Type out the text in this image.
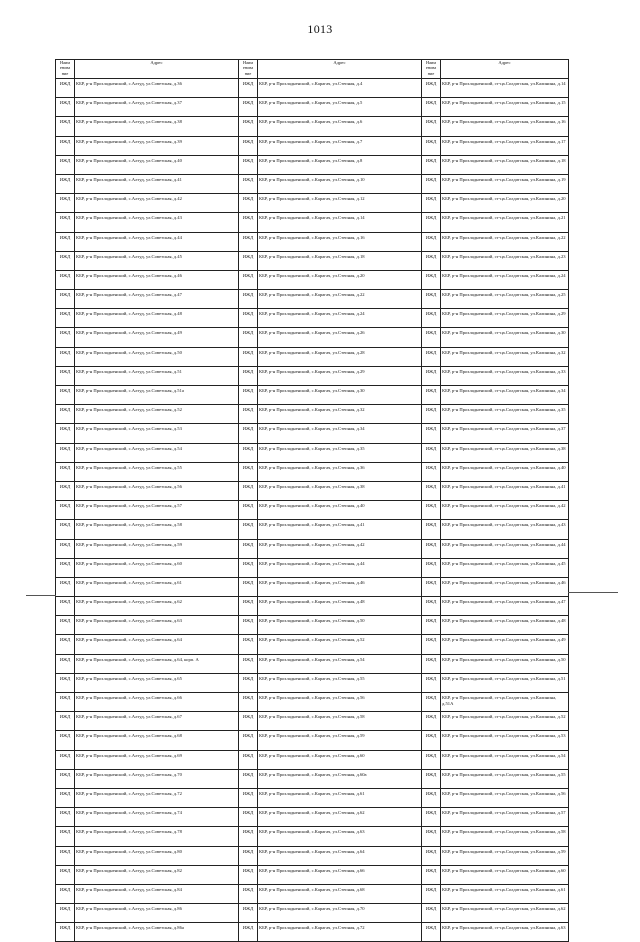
1013
Наим енова ние	Адрес	Наим енова ние	Адрес	Наим енова ние	Адрес
ИЖД	КБР, р-н Прохладненский, с.Алтуд, ул.Советская, д.36	ИЖД	КБР, р-н Прохладненский, с.Карагач, ул.Степная, д.4	ИЖД	КБР, р-н Прохладненский, ст-ца.Солдатская, ул.Калинина, д.14
ИЖД	КБР, р-н Прохладненский, с.Алтуд, ул.Советская, д.37	ИЖД	КБР, р-н Прохладненский, с.Карагач, ул.Степная, д.5	ИЖД	КБР, р-н Прохладненский, ст-ца.Солдатская, ул.Калинина, д.15
ИЖД	КБР, р-н Прохладненский, с.Алтуд, ул.Советская, д.38	ИЖД	КБР, р-н Прохладненский, с.Карагач, ул.Степная, д.6	ИЖД	КБР, р-н Прохладненский, ст-ца.Солдатская, ул.Калинина, д.16
ИЖД	КБР, р-н Прохладненский, с.Алтуд, ул.Советская, д.39	ИЖД	КБР, р-н Прохладненский, с.Карагач, ул.Степная, д.7	ИЖД	КБР, р-н Прохладненский, ст-ца.Солдатская, ул.Калинина, д.17
ИЖД	КБР, р-н Прохладненский, с.Алтуд, ул.Советская, д.40	ИЖД	КБР, р-н Прохладненский, с.Карагач, ул.Степная, д.8	ИЖД	КБР, р-н Прохладненский, ст-ца.Солдатская, ул.Калинина, д.18
ИЖД	КБР, р-н Прохладненский, с.Алтуд, ул.Советская, д.41	ИЖД	КБР, р-н Прохладненский, с.Карагач, ул.Степная, д.10	ИЖД	КБР, р-н Прохладненский, ст-ца.Солдатская, ул.Калинина, д.19
ИЖД	КБР, р-н Прохладненский, с.Алтуд, ул.Советская, д.42	ИЖД	КБР, р-н Прохладненский, с.Карагач, ул.Степная, д.12	ИЖД	КБР, р-н Прохладненский, ст-ца.Солдатская, ул.Калинина, д.20
ИЖД	КБР, р-н Прохладненский, с.Алтуд, ул.Советская, д.43	ИЖД	КБР, р-н Прохладненский, с.Карагач, ул.Степная, д.14	ИЖД	КБР, р-н Прохладненский, ст-ца.Солдатская, ул.Калинина, д.21
ИЖД	КБР, р-н Прохладненский, с.Алтуд, ул.Советская, д.44	ИЖД	КБР, р-н Прохладненский, с.Карагач, ул.Степная, д.16	ИЖД	КБР, р-н Прохладненский, ст-ца.Солдатская, ул.Калинина, д.22
ИЖД	КБР, р-н Прохладненский, с.Алтуд, ул.Советская, д.45	ИЖД	КБР, р-н Прохладненский, с.Карагач, ул.Степная, д.18	ИЖД	КБР, р-н Прохладненский, ст-ца.Солдатская, ул.Калинина, д.23
ИЖД	КБР, р-н Прохладненский, с.Алтуд, ул.Советская, д.46	ИЖД	КБР, р-н Прохладненский, с.Карагач, ул.Степная, д.20	ИЖД	КБР, р-н Прохладненский, ст-ца.Солдатская, ул.Калинина, д.24
ИЖД	КБР, р-н Прохладненский, с.Алтуд, ул.Советская, д.47	ИЖД	КБР, р-н Прохладненский, с.Карагач, ул.Степная, д.22	ИЖД	КБР, р-н Прохладненский, ст-ца.Солдатская, ул.Калинина, д.25
ИЖД	КБР, р-н Прохладненский, с.Алтуд, ул.Советская, д.48	ИЖД	КБР, р-н Прохладненский, с.Карагач, ул.Степная, д.24	ИЖД	КБР, р-н Прохладненский, ст-ца.Солдатская, ул.Калинина, д.29
ИЖД	КБР, р-н Прохладненский, с.Алтуд, ул.Советская, д.49	ИЖД	КБР, р-н Прохладненский, с.Карагач, ул.Степная, д.26	ИЖД	КБР, р-н Прохладненский, ст-ца.Солдатская, ул.Калинина, д.30
ИЖД	КБР, р-н Прохладненский, с.Алтуд, ул.Советская, д.50	ИЖД	КБР, р-н Прохладненский, с.Карагач, ул.Степная, д.28	ИЖД	КБР, р-н Прохладненский, ст-ца.Солдатская, ул.Калинина, д.32
ИЖД	КБР, р-н Прохладненский, с.Алтуд, ул.Советская, д.51	ИЖД	КБР, р-н Прохладненский, с.Карагач, ул.Степная, д.29	ИЖД	КБР, р-н Прохладненский, ст-ца.Солдатская, ул.Калинина, д.33
ИЖД	КБР, р-н Прохладненский, с.Алтуд, ул.Советская, д.51а	ИЖД	КБР, р-н Прохладненский, с.Карагач, ул.Степная, д.30	ИЖД	КБР, р-н Прохладненский, ст-ца.Солдатская, ул.Калинина, д.34
ИЖД	КБР, р-н Прохладненский, с.Алтуд, ул.Советская, д.52	ИЖД	КБР, р-н Прохладненский, с.Карагач, ул.Степная, д.32	ИЖД	КБР, р-н Прохладненский, ст-ца.Солдатская, ул.Калинина, д.35
ИЖД	КБР, р-н Прохладненский, с.Алтуд, ул.Советская, д.53	ИЖД	КБР, р-н Прохладненский, с.Карагач, ул.Степная, д.34	ИЖД	КБР, р-н Прохладненский, ст-ца.Солдатская, ул.Калинина, д.37
ИЖД	КБР, р-н Прохладненский, с.Алтуд, ул.Советская, д.54	ИЖД	КБР, р-н Прохладненский, с.Карагач, ул.Степная, д.35	ИЖД	КБР, р-н Прохладненский, ст-ца.Солдатская, ул.Калинина, д.38
ИЖД	КБР, р-н Прохладненский, с.Алтуд, ул.Советская, д.55	ИЖД	КБР, р-н Прохладненский, с.Карагач, ул.Степная, д.36	ИЖД	КБР, р-н Прохладненский, ст-ца.Солдатская, ул.Калинина, д.40
ИЖД	КБР, р-н Прохладненский, с.Алтуд, ул.Советская, д.56	ИЖД	КБР, р-н Прохладненский, с.Карагач, ул.Степная, д.38	ИЖД	КБР, р-н Прохладненский, ст-ца.Солдатская, ул.Калинина, д.41
ИЖД	КБР, р-н Прохладненский, с.Алтуд, ул.Советская, д.57	ИЖД	КБР, р-н Прохладненский, с.Карагач, ул.Степная, д.40	ИЖД	КБР, р-н Прохладненский, ст-ца.Солдатская, ул.Калинина, д.42
ИЖД	КБР, р-н Прохладненский, с.Алтуд, ул.Советская, д.58	ИЖД	КБР, р-н Прохладненский, с.Карагач, ул.Степная, д.41	ИЖД	КБР, р-н Прохладненский, ст-ца.Солдатская, ул.Калинина, д.43
ИЖД	КБР, р-н Прохладненский, с.Алтуд, ул.Советская, д.59	ИЖД	КБР, р-н Прохладненский, с.Карагач, ул.Степная, д.42	ИЖД	КБР, р-н Прохладненский, ст-ца.Солдатская, ул.Калинина, д.44
ИЖД	КБР, р-н Прохладненский, с.Алтуд, ул.Советская, д.60	ИЖД	КБР, р-н Прохладненский, с.Карагач, ул.Степная, д.44	ИЖД	КБР, р-н Прохладненский, ст-ца.Солдатская, ул.Калинина, д.45
ИЖД	КБР, р-н Прохладненский, с.Алтуд, ул.Советская, д.61	ИЖД	КБР, р-н Прохладненский, с.Карагач, ул.Степная, д.46	ИЖД	КБР, р-н Прохладненский, ст-ца.Солдатская, ул.Калинина, д.46
ИЖД	КБР, р-н Прохладненский, с.Алтуд, ул.Советская, д.62	ИЖД	КБР, р-н Прохладненский, с.Карагач, ул.Степная, д.48	ИЖД	КБР, р-н Прохладненский, ст-ца.Солдатская, ул.Калинина, д.47
ИЖД	КБР, р-н Прохладненский, с.Алтуд, ул.Советская, д.63	ИЖД	КБР, р-н Прохладненский, с.Карагач, ул.Степная, д.50	ИЖД	КБР, р-н Прохладненский, ст-ца.Солдатская, ул.Калинина, д.48
ИЖД	КБР, р-н Прохладненский, с.Алтуд, ул.Советская, д.64	ИЖД	КБР, р-н Прохладненский, с.Карагач, ул.Степная, д.52	ИЖД	КБР, р-н Прохладненский, ст-ца.Солдатская, ул.Калинина, д.49
ИЖД	КБР, р-н Прохладненский, с.Алтуд, ул.Советская, д.64, корп. А	ИЖД	КБР, р-н Прохладненский, с.Карагач, ул.Степная, д.54	ИЖД	КБР, р-н Прохладненский, ст-ца.Солдатская, ул.Калинина, д.50
ИЖД	КБР, р-н Прохладненский, с.Алтуд, ул.Советская, д.65	ИЖД	КБР, р-н Прохладненский, с.Карагач, ул.Степная, д.55	ИЖД	КБР, р-н Прохладненский, ст-ца.Солдатская, ул.Калинина, д.51
ИЖД	КБР, р-н Прохладненский, с.Алтуд, ул.Советская, д.66	ИЖД	КБР, р-н Прохладненский, с.Карагач, ул.Степная, д.56	ИЖД	КБР, р-н Прохладненский, ст-ца.Солдатская, ул.Калинина, д.51А
ИЖД	КБР, р-н Прохладненский, с.Алтуд, ул.Советская, д.67	ИЖД	КБР, р-н Прохладненский, с.Карагач, ул.Степная, д.58	ИЖД	КБР, р-н Прохладненский, ст-ца.Солдатская, ул.Калинина, д.52
ИЖД	КБР, р-н Прохладненский, с.Алтуд, ул.Советская, д.68	ИЖД	КБР, р-н Прохладненский, с.Карагач, ул.Степная, д.59	ИЖД	КБР, р-н Прохладненский, ст-ца.Солдатская, ул.Калинина, д.53
ИЖД	КБР, р-н Прохладненский, с.Алтуд, ул.Советская, д.69	ИЖД	КБР, р-н Прохладненский, с.Карагач, ул.Степная, д.60	ИЖД	КБР, р-н Прохладненский, ст-ца.Солдатская, ул.Калинина, д.54
ИЖД	КБР, р-н Прохладненский, с.Алтуд, ул.Советская, д.70	ИЖД	КБР, р-н Прохладненский, с.Карагач, ул.Степная, д.60а	ИЖД	КБР, р-н Прохладненский, ст-ца.Солдатская, ул.Калинина, д.55
ИЖД	КБР, р-н Прохладненский, с.Алтуд, ул.Советская, д.72	ИЖД	КБР, р-н Прохладненский, с.Карагач, ул.Степная, д.61	ИЖД	КБР, р-н Прохладненский, ст-ца.Солдатская, ул.Калинина, д.56
ИЖД	КБР, р-н Прохладненский, с.Алтуд, ул.Советская, д.74	ИЖД	КБР, р-н Прохладненский, с.Карагач, ул.Степная, д.62	ИЖД	КБР, р-н Прохладненский, ст-ца.Солдатская, ул.Калинина, д.57
ИЖД	КБР, р-н Прохладненский, с.Алтуд, ул.Советская, д.78	ИЖД	КБР, р-н Прохладненский, с.Карагач, ул.Степная, д.63	ИЖД	КБР, р-н Прохладненский, ст-ца.Солдатская, ул.Калинина, д.58
ИЖД	КБР, р-н Прохладненский, с.Алтуд, ул.Советская, д.80	ИЖД	КБР, р-н Прохладненский, с.Карагач, ул.Степная, д.64	ИЖД	КБР, р-н Прохладненский, ст-ца.Солдатская, ул.Калинина, д.59
ИЖД	КБР, р-н Прохладненский, с.Алтуд, ул.Советская, д.82	ИЖД	КБР, р-н Прохладненский, с.Карагач, ул.Степная, д.66	ИЖД	КБР, р-н Прохладненский, ст-ца.Солдатская, ул.Калинина, д.60
ИЖД	КБР, р-н Прохладненский, с.Алтуд, ул.Советская, д.84	ИЖД	КБР, р-н Прохладненский, с.Карагач, ул.Степная, д.68	ИЖД	КБР, р-н Прохладненский, ст-ца.Солдатская, ул.Калинина, д.61
ИЖД	КБР, р-н Прохладненский, с.Алтуд, ул.Советская, д.86	ИЖД	КБР, р-н Прохладненский, с.Карагач, ул.Степная, д.70	ИЖД	КБР, р-н Прохладненский, ст-ца.Солдатская, ул.Калинина, д.62
ИЖД	КБР, р-н Прохладненский, с.Алтуд, ул.Советская, д.86а	ИЖД	КБР, р-н Прохладненский, с.Карагач, ул.Степная, д.72	ИЖД	КБР, р-н Прохладненский, ст-ца.Солдатская, ул.Калинина, д.63
